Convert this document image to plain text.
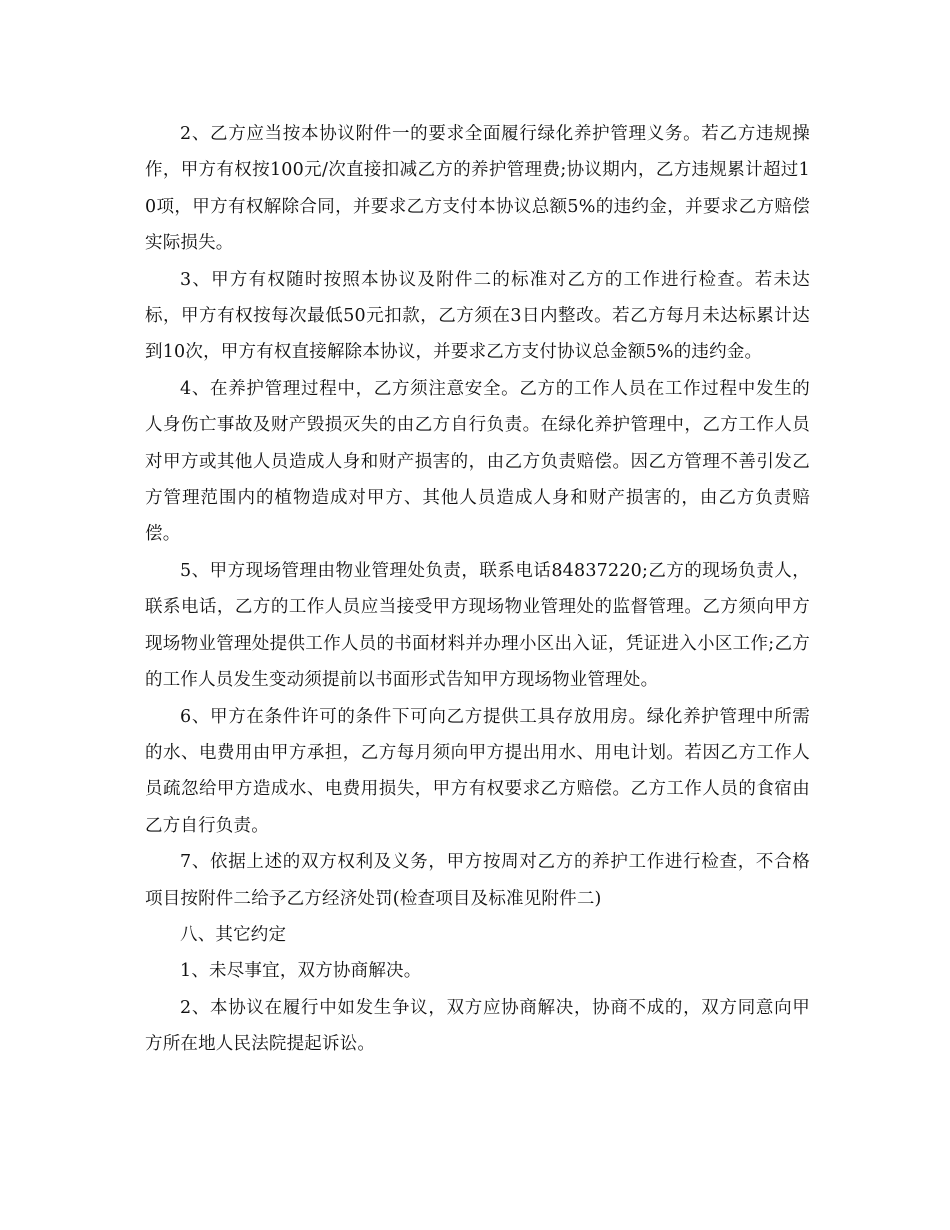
2、乙方应当按本协议附件一的要求全面履行绿化养护管理义务。若乙方违规操作，甲方有权按100元/次直接扣减乙方的养护管理费;协议期内，乙方违规累计超过10项，甲方有权解除合同，并要求乙方支付本协议总额5%的违约金，并要求乙方赔偿实际损失。

3、甲方有权随时按照本协议及附件二的标准对乙方的工作进行检查。若未达标，甲方有权按每次最低50元扣款，乙方须在3日内整改。若乙方每月未达标累计达到10次，甲方有权直接解除本协议，并要求乙方支付协议总金额5%的违约金。

4、在养护管理过程中，乙方须注意安全。乙方的工作人员在工作过程中发生的人身伤亡事故及财产毁损灭失的由乙方自行负责。在绿化养护管理中，乙方工作人员对甲方或其他人员造成人身和财产损害的，由乙方负责赔偿。因乙方管理不善引发乙方管理范围内的植物造成对甲方、其他人员造成人身和财产损害的，由乙方负责赔偿。

5、甲方现场管理由物业管理处负责，联系电话84837220;乙方的现场负责人，联系电话，乙方的工作人员应当接受甲方现场物业管理处的监督管理。乙方须向甲方现场物业管理处提供工作人员的书面材料并办理小区出入证，凭证进入小区工作;乙方的工作人员发生变动须提前以书面形式告知甲方现场物业管理处。

6、甲方在条件许可的条件下可向乙方提供工具存放用房。绿化养护管理中所需的水、电费用由甲方承担，乙方每月须向甲方提出用水、用电计划。若因乙方工作人员疏忽给甲方造成水、电费用损失，甲方有权要求乙方赔偿。乙方工作人员的食宿由乙方自行负责。

7、依据上述的双方权利及义务，甲方按周对乙方的养护工作进行检查，不合格项目按附件二给予乙方经济处罚(检查项目及标准见附件二)

八、其它约定

1、未尽事宜，双方协商解决。

2、本协议在履行中如发生争议，双方应协商解决，协商不成的，双方同意向甲方所在地人民法院提起诉讼。
